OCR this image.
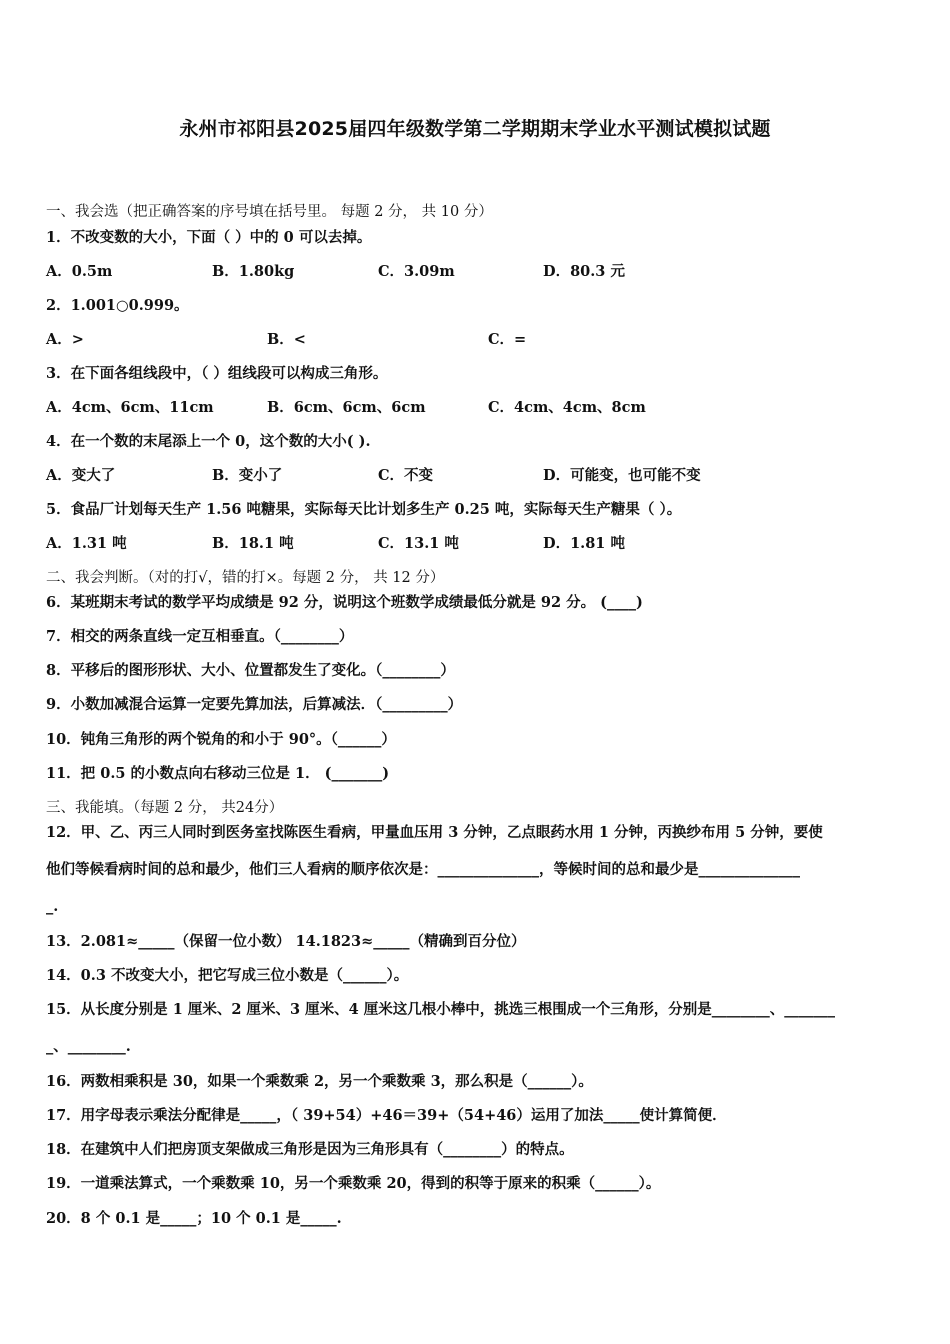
永州市祁阳县2025届四年级数学第二学期期末学业水平测试模拟试题
一、我会选（把正确答案的序号填在括号里。 每题 2 分， 共 10 分）
1．不改变数的大小，下面（ ）中的 0 可以去掉。
A．0.5m	B．1.80kg	C．3.09m	D．80.3 元
2．1.001○0.999。
A．>	B．<	C．=
3．在下面各组线段中，（ ）组线段可以构成三角形。
A．4cm、6cm、11cm	B．6cm、6cm、6cm	C．4cm、4cm、8cm
4．在一个数的末尾添上一个 0，这个数的大小( ).
A．变大了	B．变小了	C．不变	D．可能变，也可能不变
5．食品厂计划每天生产 1.56 吨糖果，实际每天比计划多生产 0.25 吨，实际每天生产糖果（ ）。
A．1.31 吨	B．18.1 吨	C．13.1 吨	D．1.81 吨
二、我会判断。（对的打√，错的打×。每题 2 分， 共 12 分）
6．某班期末考试的数学平均成绩是 92 分，说明这个班数学成绩最低分就是 92 分。 (____)
7．相交的两条直线一定互相垂直。（________）
8．平移后的图形形状、大小、位置都发生了变化。（________）
9．小数加减混合运算一定要先算加法，后算减法．（_________）
10．钝角三角形的两个锐角的和小于 90°。（______）
11．把 0.5 的小数点向右移动三位是 1． (_______)
三、我能填。（每题 2 分， 共24分）
12．甲、乙、丙三人同时到医务室找陈医生看病，甲量血压用 3 分钟，乙点眼药水用 1 分钟，丙换纱布用 5 分钟，要使
他们等候看病时间的总和最少，他们三人看病的顺序依次是：______________，等候时间的总和最少是______________
_.
13．2.081≈_____（保留一位小数） 14.1823≈_____（精确到百分位）
14．0.3 不改变大小，把它写成三位小数是（______）。
15．从长度分别是 1 厘米、2 厘米、3 厘米、4 厘米这几根小棒中，挑选三根围成一个三角形，分别是________、_______
_、________.
16．两数相乘积是 30，如果一个乘数乘 2，另一个乘数乘 3，那么积是（______）。
17．用字母表示乘法分配律是_____，（ 39+54）+46＝39+（54+46）运用了加法_____使计算简便．
18．在建筑中人们把房顶支架做成三角形是因为三角形具有（________）的特点。
19．一道乘法算式，一个乘数乘 10，另一个乘数乘 20，得到的积等于原来的积乘（______）。
20．8 个 0.1 是_____；10 个 0.1 是_____.
